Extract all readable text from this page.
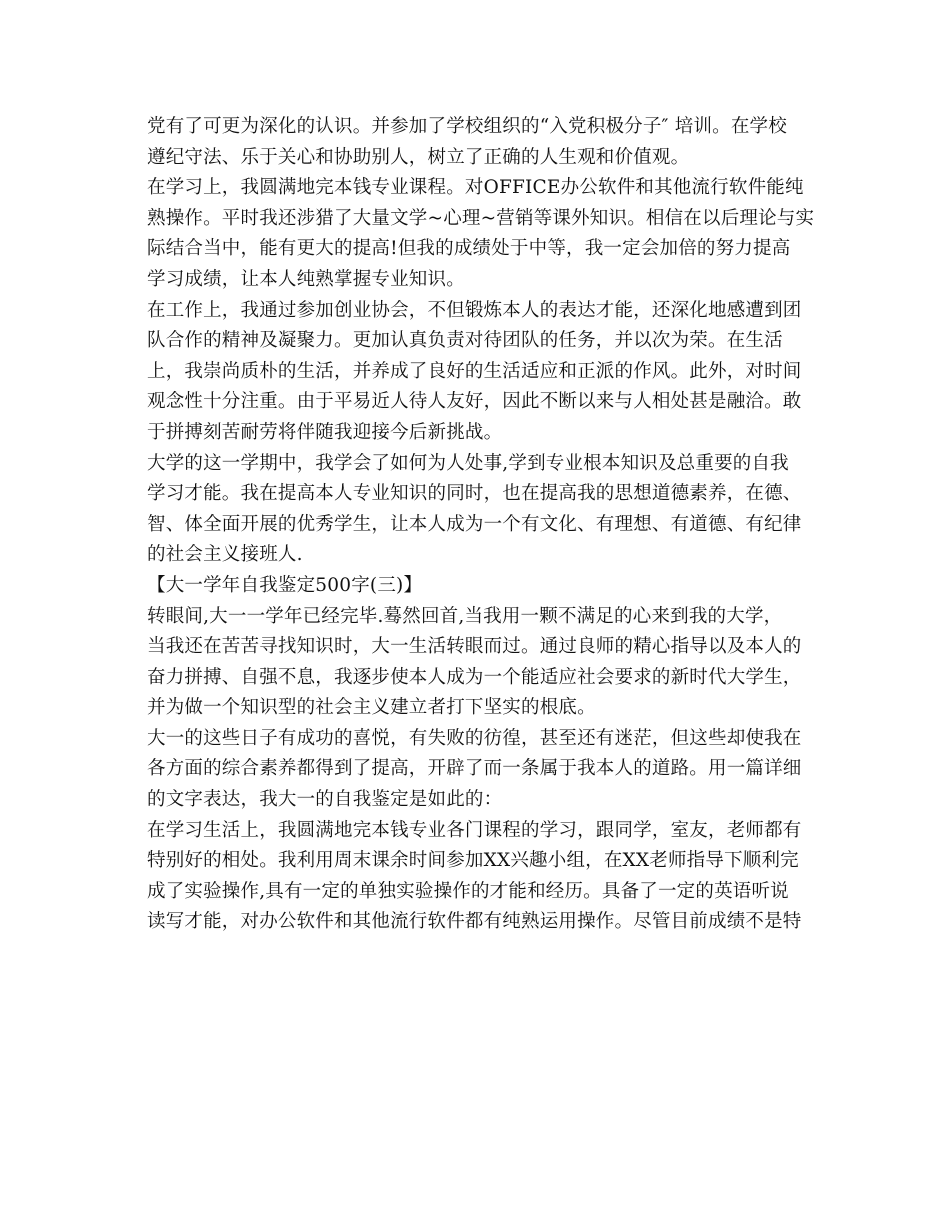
党有了可更为深化的认识。并参加了学校组织的“入党积极分子″ 培训。在学校
遵纪守法、乐于关心和协助别人，树立了正确的人生观和价值观。
在学习上，我圆满地完本钱专业课程。对OFFICE办公软件和其他流行软件能纯
熟操作。平时我还涉猎了大量文学~心理~营销等课外知识。相信在以后理论与实
际结合当中，能有更大的提高!但我的成绩处于中等，我一定会加倍的努力提高
学习成绩，让本人纯熟掌握专业知识。
在工作上，我通过参加创业协会，不但锻炼本人的表达才能，还深化地感遭到团
队合作的精神及凝聚力。更加认真负责对待团队的任务，并以次为荣。在生活
上，我崇尚质朴的生活，并养成了良好的生活适应和正派的作风。此外，对时间
观念性十分注重。由于平易近人待人友好，因此不断以来与人相处甚是融洽。敢
于拼搏刻苦耐劳将伴随我迎接今后新挑战。
大学的这一学期中，我学会了如何为人处事,学到专业根本知识及总重要的自我
学习才能。我在提高本人专业知识的同时，也在提高我的思想道德素养，在德、
智、体全面开展的优秀学生，让本人成为一个有文化、有理想、有道德、有纪律
的社会主义接班人.
【大一学年自我鉴定500字(三)】
转眼间,大一一学年已经完毕.蓦然回首,当我用一颗不满足的心来到我的大学，
当我还在苦苦寻找知识时，大一生活转眼而过。通过良师的精心指导以及本人的
奋力拼搏、自强不息，我逐步使本人成为一个能适应社会要求的新时代大学生，
并为做一个知识型的社会主义建立者打下坚实的根底。
大一的这些日子有成功的喜悦，有失败的彷徨，甚至还有迷茫，但这些却使我在
各方面的综合素养都得到了提高，开辟了而一条属于我本人的道路。用一篇详细
的文字表达，我大一的自我鉴定是如此的：
在学习生活上，我圆满地完本钱专业各门课程的学习，跟同学，室友，老师都有
特别好的相处。我利用周末课余时间参加XX兴趣小组，在XX老师指导下顺利完
成了实验操作,具有一定的单独实验操作的才能和经历。具备了一定的英语听说
读写才能，对办公软件和其他流行软件都有纯熟运用操作。尽管目前成绩不是特
